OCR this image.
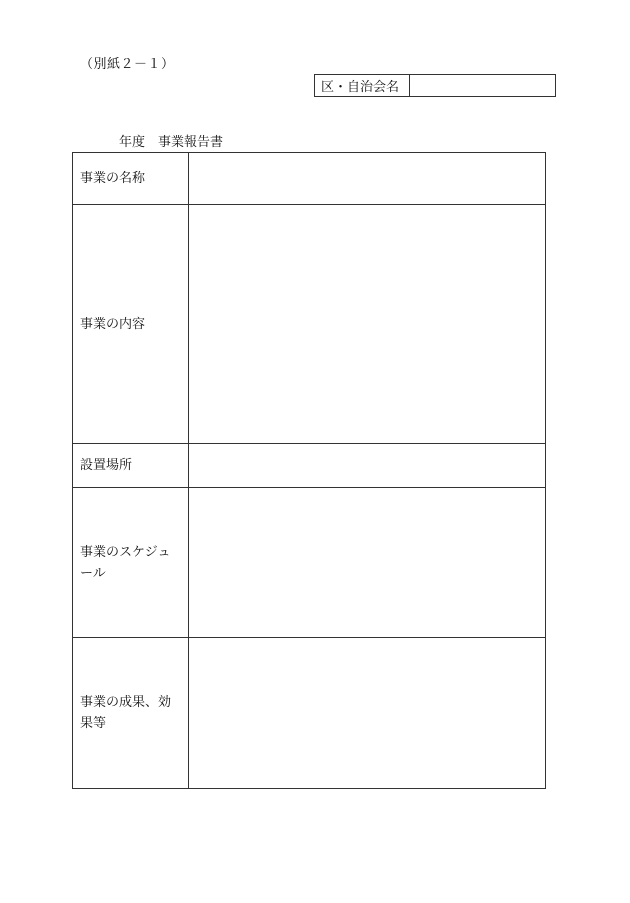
（別紙２－１）
区・自治会名
　年度　事業報告書
事業の名称	
事業の内容	
設置場所	
事業のスケジュール	
事業の成果、効果等	
